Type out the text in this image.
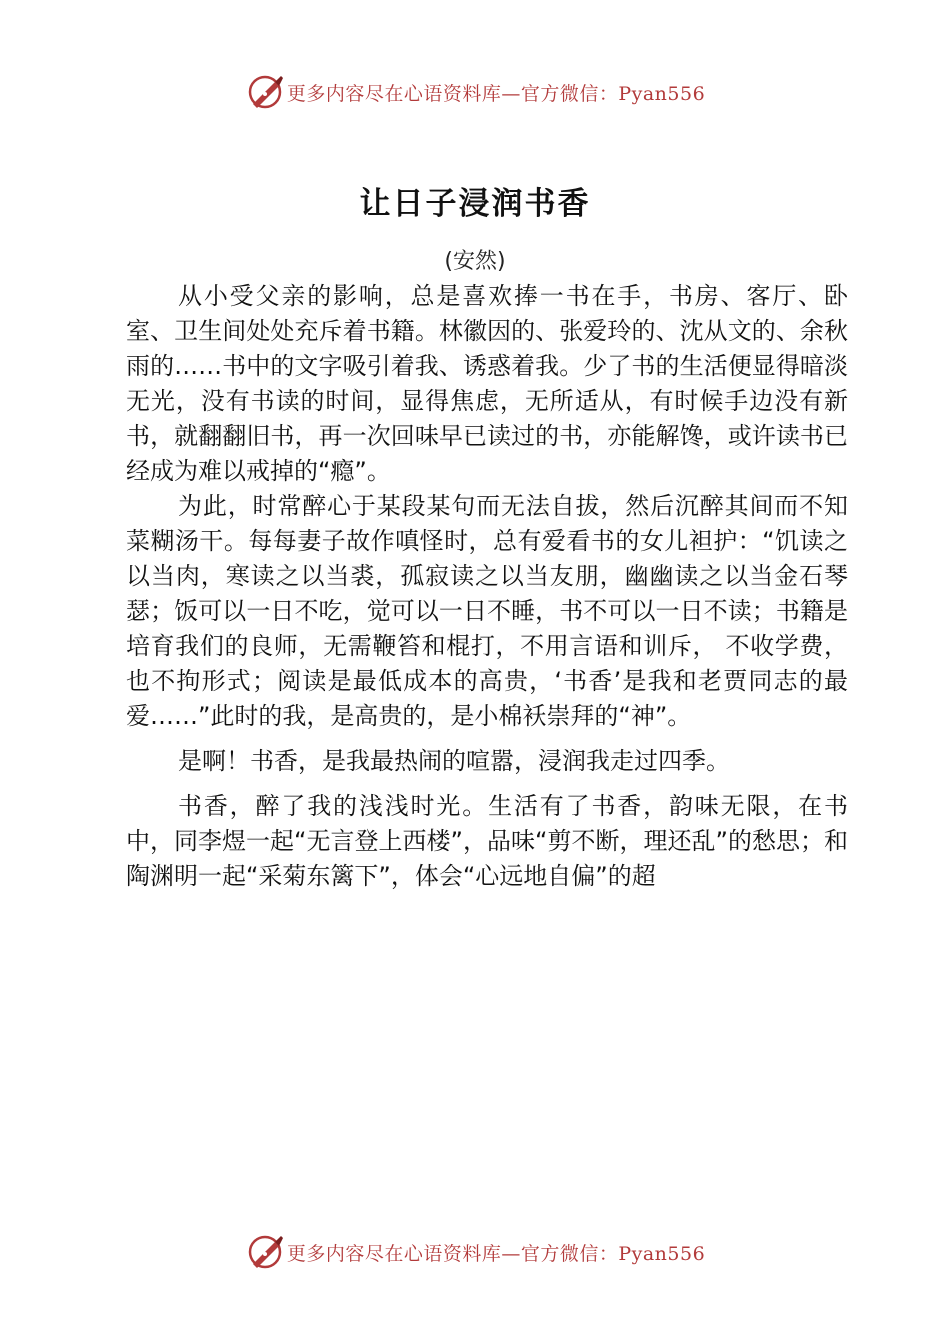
更多内容尽在心语资料库—官方微信：Pyan556
让日子浸润书香
(安然)

从小受父亲的影响，总是喜欢捧一书在手，书房、客厅、卧室、卫生间处处充斥着书籍。林徽因的、张爱玲的、沈从文的、余秋雨的……书中的文字吸引着我、诱惑着我。少了书的生活便显得暗淡无光，没有书读的时间，显得焦虑，无所适从，有时候手边没有新书，就翻翻旧书，再一次回味早已读过的书，亦能解馋，或许读书已经成为难以戒掉的“瘾”。

为此，时常醉心于某段某句而无法自拔，然后沉醉其间而不知菜糊汤干。每每妻子故作嗔怪时，总有爱看书的女儿袒护：“饥读之以当肉，寒读之以当裘，孤寂读之以当友朋，幽幽读之以当金石琴瑟；饭可以一日不吃，觉可以一日不睡，书不可以一日不读；书籍是培育我们的良师，无需鞭笞和棍打，不用言语和训斥， 不收学费，也不拘形式；阅读是最低成本的高贵，‘书香’是我和老贾同志的最爱……”此时的我，是高贵的，是小棉袄崇拜的“神”。

是啊！书香，是我最热闹的喧嚣，浸润我走过四季。

书香，醉了我的浅浅时光。生活有了书香，韵味无限，在书中，同李煜一起“无言登上西楼”，品味“剪不断，理还乱”的愁思；和陶渊明一起“采菊东篱下”，体会“心远地自偏”的超

更多内容尽在心语资料库—官方微信：Pyan556
